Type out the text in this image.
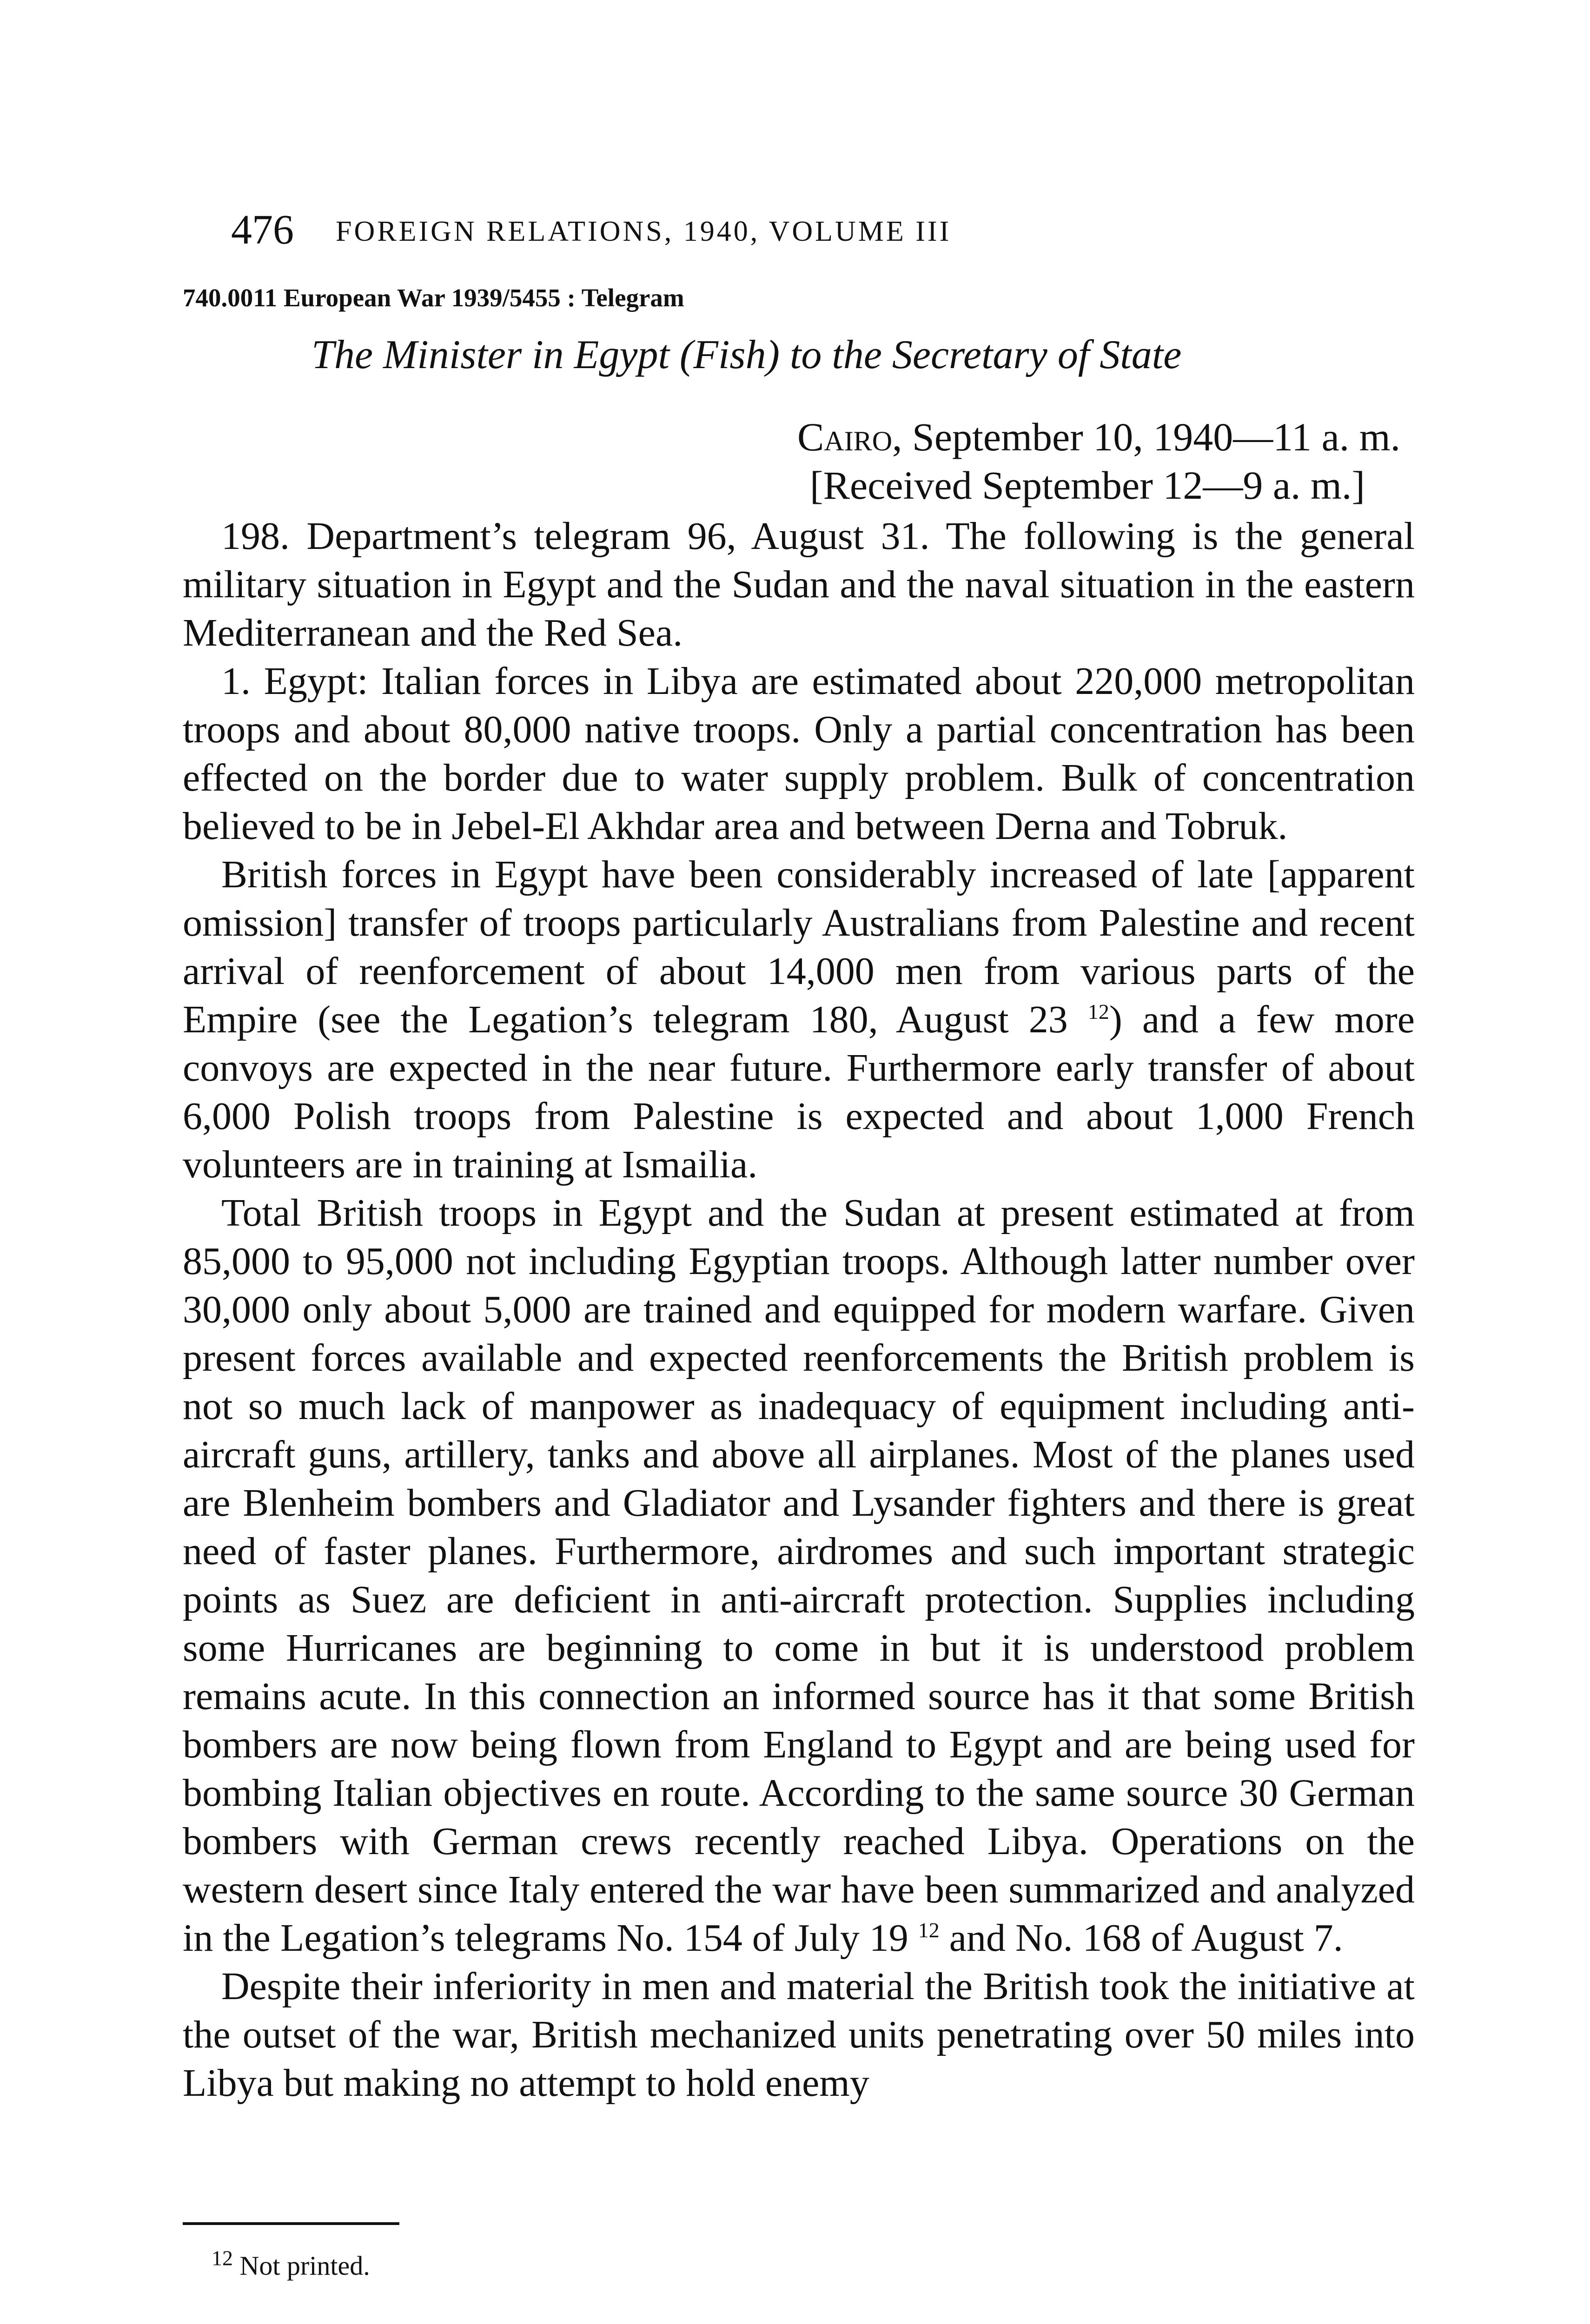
476 FOREIGN RELATIONS, 1940, VOLUME III
740.0011 European War 1939/5455 : Telegram
The Minister in Egypt (Fish) to the Secretary of State
Cairo, September 10, 1940—11 a. m.
[Received September 12—9 a. m.]

198. Department’s telegram 96, August 31. The following is the general military situation in Egypt and the Sudan and the naval situation in the eastern Mediterranean and the Red Sea.

1. Egypt: Italian forces in Libya are estimated about 220,000 metropolitan troops and about 80,000 native troops. Only a partial concentration has been effected on the border due to water supply problem. Bulk of concentration believed to be in Jebel-El Akhdar area and between Derna and Tobruk.

British forces in Egypt have been considerably increased of late [apparent omission] transfer of troops particularly Australians from Palestine and recent arrival of reenforcement of about 14,000 men from various parts of the Empire (see the Legation’s telegram 180, August 23 $^{12}$) and a few more convoys are expected in the near future. Furthermore early transfer of about 6,000 Polish troops from Palestine is expected and about 1,000 French volunteers are in training at Ismailia.

Total British troops in Egypt and the Sudan at present estimated at from 85,000 to 95,000 not including Egyptian troops. Although latter number over 30,000 only about 5,000 are trained and equipped for modern warfare. Given present forces available and expected reenforcements the British problem is not so much lack of manpower as inadequacy of equipment including anti-aircraft guns, artillery, tanks and above all airplanes. Most of the planes used are Blenheim bombers and Gladiator and Lysander fighters and there is great need of faster planes. Furthermore, airdromes and such important strategic points as Suez are deficient in anti-aircraft protection. Supplies including some Hurricanes are beginning to come in but it is understood problem remains acute. In this connection an informed source has it that some British bombers are now being flown from England to Egypt and are being used for bombing Italian objectives en route. According to the same source 30 German bombers with German crews recently reached Libya. Operations on the western desert since Italy entered the war have been summarized and analyzed in the Legation’s telegrams No. 154 of July 19 $^{12}$ and No. 168 of August 7.

Despite their inferiority in men and material the British took the initiative at the outset of the war, British mechanized units penetrating over 50 miles into Libya but making no attempt to hold enemy

$^{12}$ Not printed.
